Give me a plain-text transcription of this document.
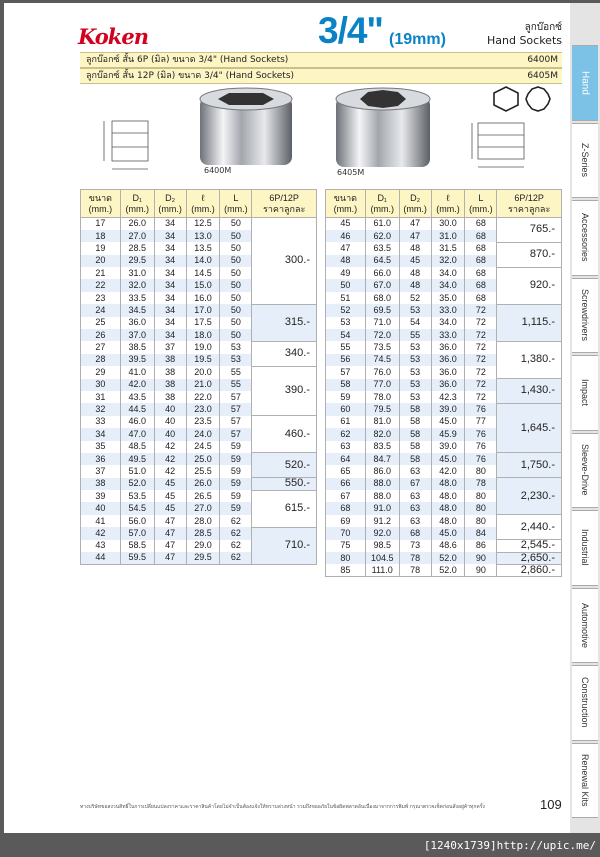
Koken	3/4" (19mm)
ลูกบ๊อกซ์
Hand Sockets
ลูกบ๊อกซ์ สั้น 6P (มิล) ขนาด 3/4" (Hand Sockets)	6400M
ลูกบ๊อกซ์ สั้น 12P (มิล) ขนาด 3/4" (Hand Sockets)	6405M
6400M	6405M
ขนาด
(mm.)	D₁
(mm.)	D₂
(mm.)	ℓ
(mm.)	L
(mm.)	6P/12P
ราคาลูกละ
17	26.0	34	12.5	50	300.-
18	27.0	34	13.0	50	
19	28.5	34	13.5	50	
20	29.5	34	14.0	50	
21	31.0	34	14.5	50	
22	32.0	34	15.0	50	
23	33.5	34	16.0	50	
24	34.5	34	17.0	50	315.-
25	36.0	34	17.5	50	
26	37.0	34	18.0	50	
27	38.5	37	19.0	53	340.-
28	39.5	38	19.5	53	
29	41.0	38	20.0	55	390.-
30	42.0	38	21.0	55	
31	43.5	38	22.0	57	
32	44.5	40	23.0	57	
33	46.0	40	23.5	57	460.-
34	47.0	40	24.0	57	
35	48.5	42	24.5	59	
36	49.5	42	25.0	59	520.-
37	51.0	42	25.5	59	
38	52.0	45	26.0	59	550.-
39	53.5	45	26.5	59	615.-
40	54.5	45	27.0	59	
41	56.0	47	28.0	62	
42	57.0	47	28.5	62	710.-
43	58.5	47	29.0	62	
44	59.5	47	29.5	62	
ขนาด
(mm.)	D₁
(mm.)	D₂
(mm.)	ℓ
(mm.)	L
(mm.)	6P/12P
ราคาลูกละ
45	61.0	47	30.0	68	765.-
46	62.0	47	31.0	68	
47	63.5	48	31.5	68	870.-
48	64.5	45	32.0	68	
49	66.0	48	34.0	68	920.-
50	67.0	48	34.0	68	
51	68.0	52	35.0	68	
52	69.5	53	33.0	72	1,115.-
53	71.0	54	34.0	72	
54	72.0	55	33.0	72	
55	73.5	53	36.0	72	1,380.-
56	74.5	53	36.0	72	
57	76.0	53	36.0	72	
58	77.0	53	36.0	72	1,430.-
59	78.0	53	42.3	72	
60	79.5	58	39.0	76	1,645.-
61	81.0	58	45.0	77	
62	82.0	58	45.9	76	
63	83.5	58	39.0	76	
64	84.7	58	45.0	76	1,750.-
65	86.0	63	42.0	80	
66	88.0	67	48.0	78	2,230.-
67	88.0	63	48.0	80	
68	91.0	63	48.0	80	
69	91.2	63	48.0	80	2,440.-
70	92.0	68	45.0	84	
75	98.5	73	48.6	86	2,545.-
80	104.5	78	52.0	90	2,650.-
85	111.0	78	52.0	90	2,860.-
Hand
Z-Series
Accessories
Screwdrivers
Impact
Sleeve-Drive
Industrial
Automotive
Construction
Renewal Kits
ทางบริษัทขอสงวนสิทธิ์ในการเปลี่ยนแปลงราคาและราคาสินค้าโดยไม่จำเป็นต้องแจ้งให้ทราบล่วงหน้า รวมถึงขออภัยในข้อผิดพลาดอันเนื่องมาจากการพิมพ์ กรุณาตรวจเช็คก่อนสั่งอยู่ค้าทุกครั้ง	109
[1240x1739]http://upic.me/
